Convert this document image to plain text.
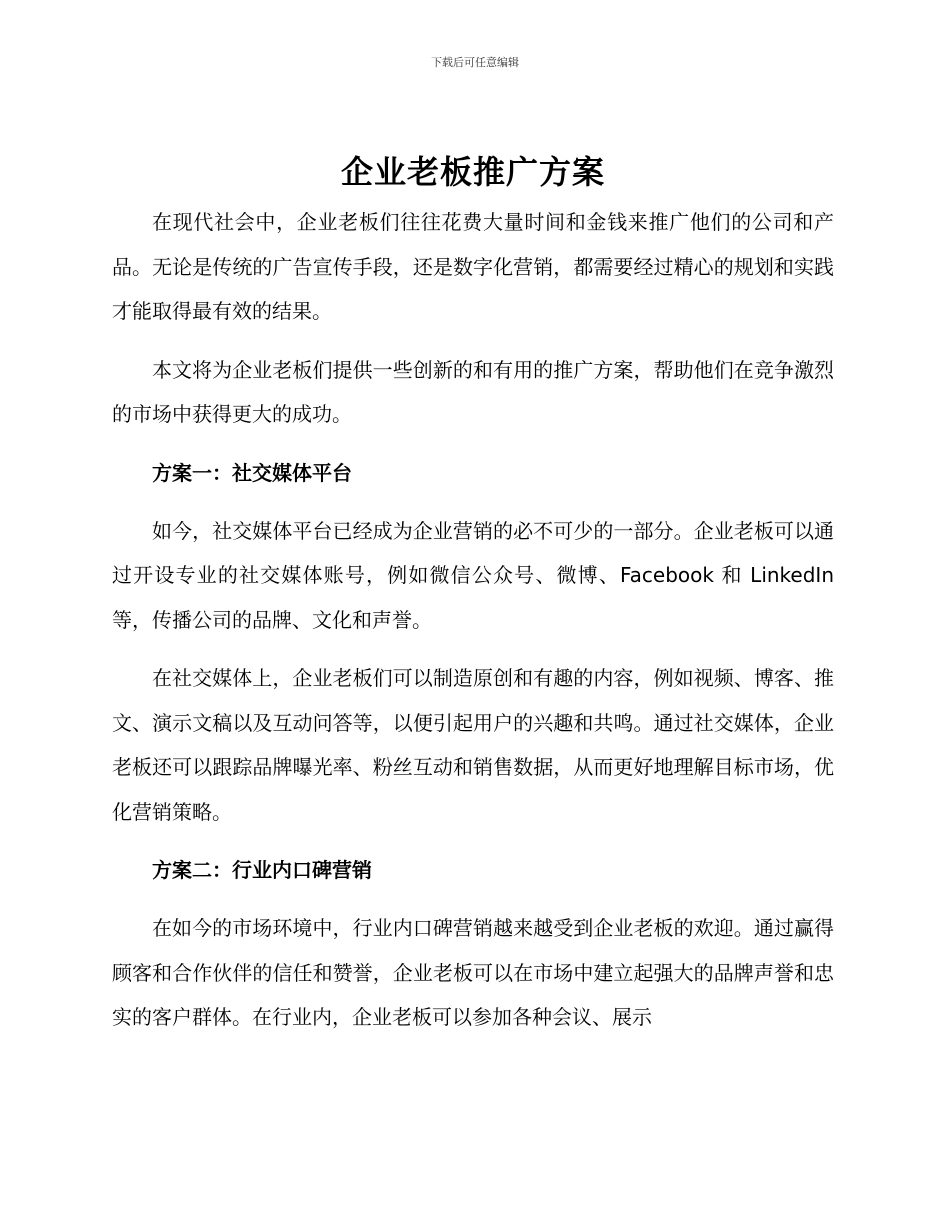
下载后可任意编辑
企业老板推广方案

在现代社会中，企业老板们往往花费大量时间和金钱来推广他们的公司和产品。无论是传统的广告宣传手段，还是数字化营销，都需要经过精心的规划和实践才能取得最有效的结果。

本文将为企业老板们提供一些创新的和有用的推广方案，帮助他们在竞争激烈的市场中获得更大的成功。

方案一：社交媒体平台

如今，社交媒体平台已经成为企业营销的必不可少的一部分。企业老板可以通过开设专业的社交媒体账号，例如微信公众号、微博、Facebook 和 LinkedIn 等，传播公司的品牌、文化和声誉。

在社交媒体上，企业老板们可以制造原创和有趣的内容，例如视频、博客、推文、演示文稿以及互动问答等，以便引起用户的兴趣和共鸣。通过社交媒体，企业老板还可以跟踪品牌曝光率、粉丝互动和销售数据，从而更好地理解目标市场，优化营销策略。

方案二：行业内口碑营销

在如今的市场环境中，行业内口碑营销越来越受到企业老板的欢迎。通过赢得顾客和合作伙伴的信任和赞誉，企业老板可以在市场中建立起强大的品牌声誉和忠实的客户群体。在行业内，企业老板可以参加各种会议、展示
